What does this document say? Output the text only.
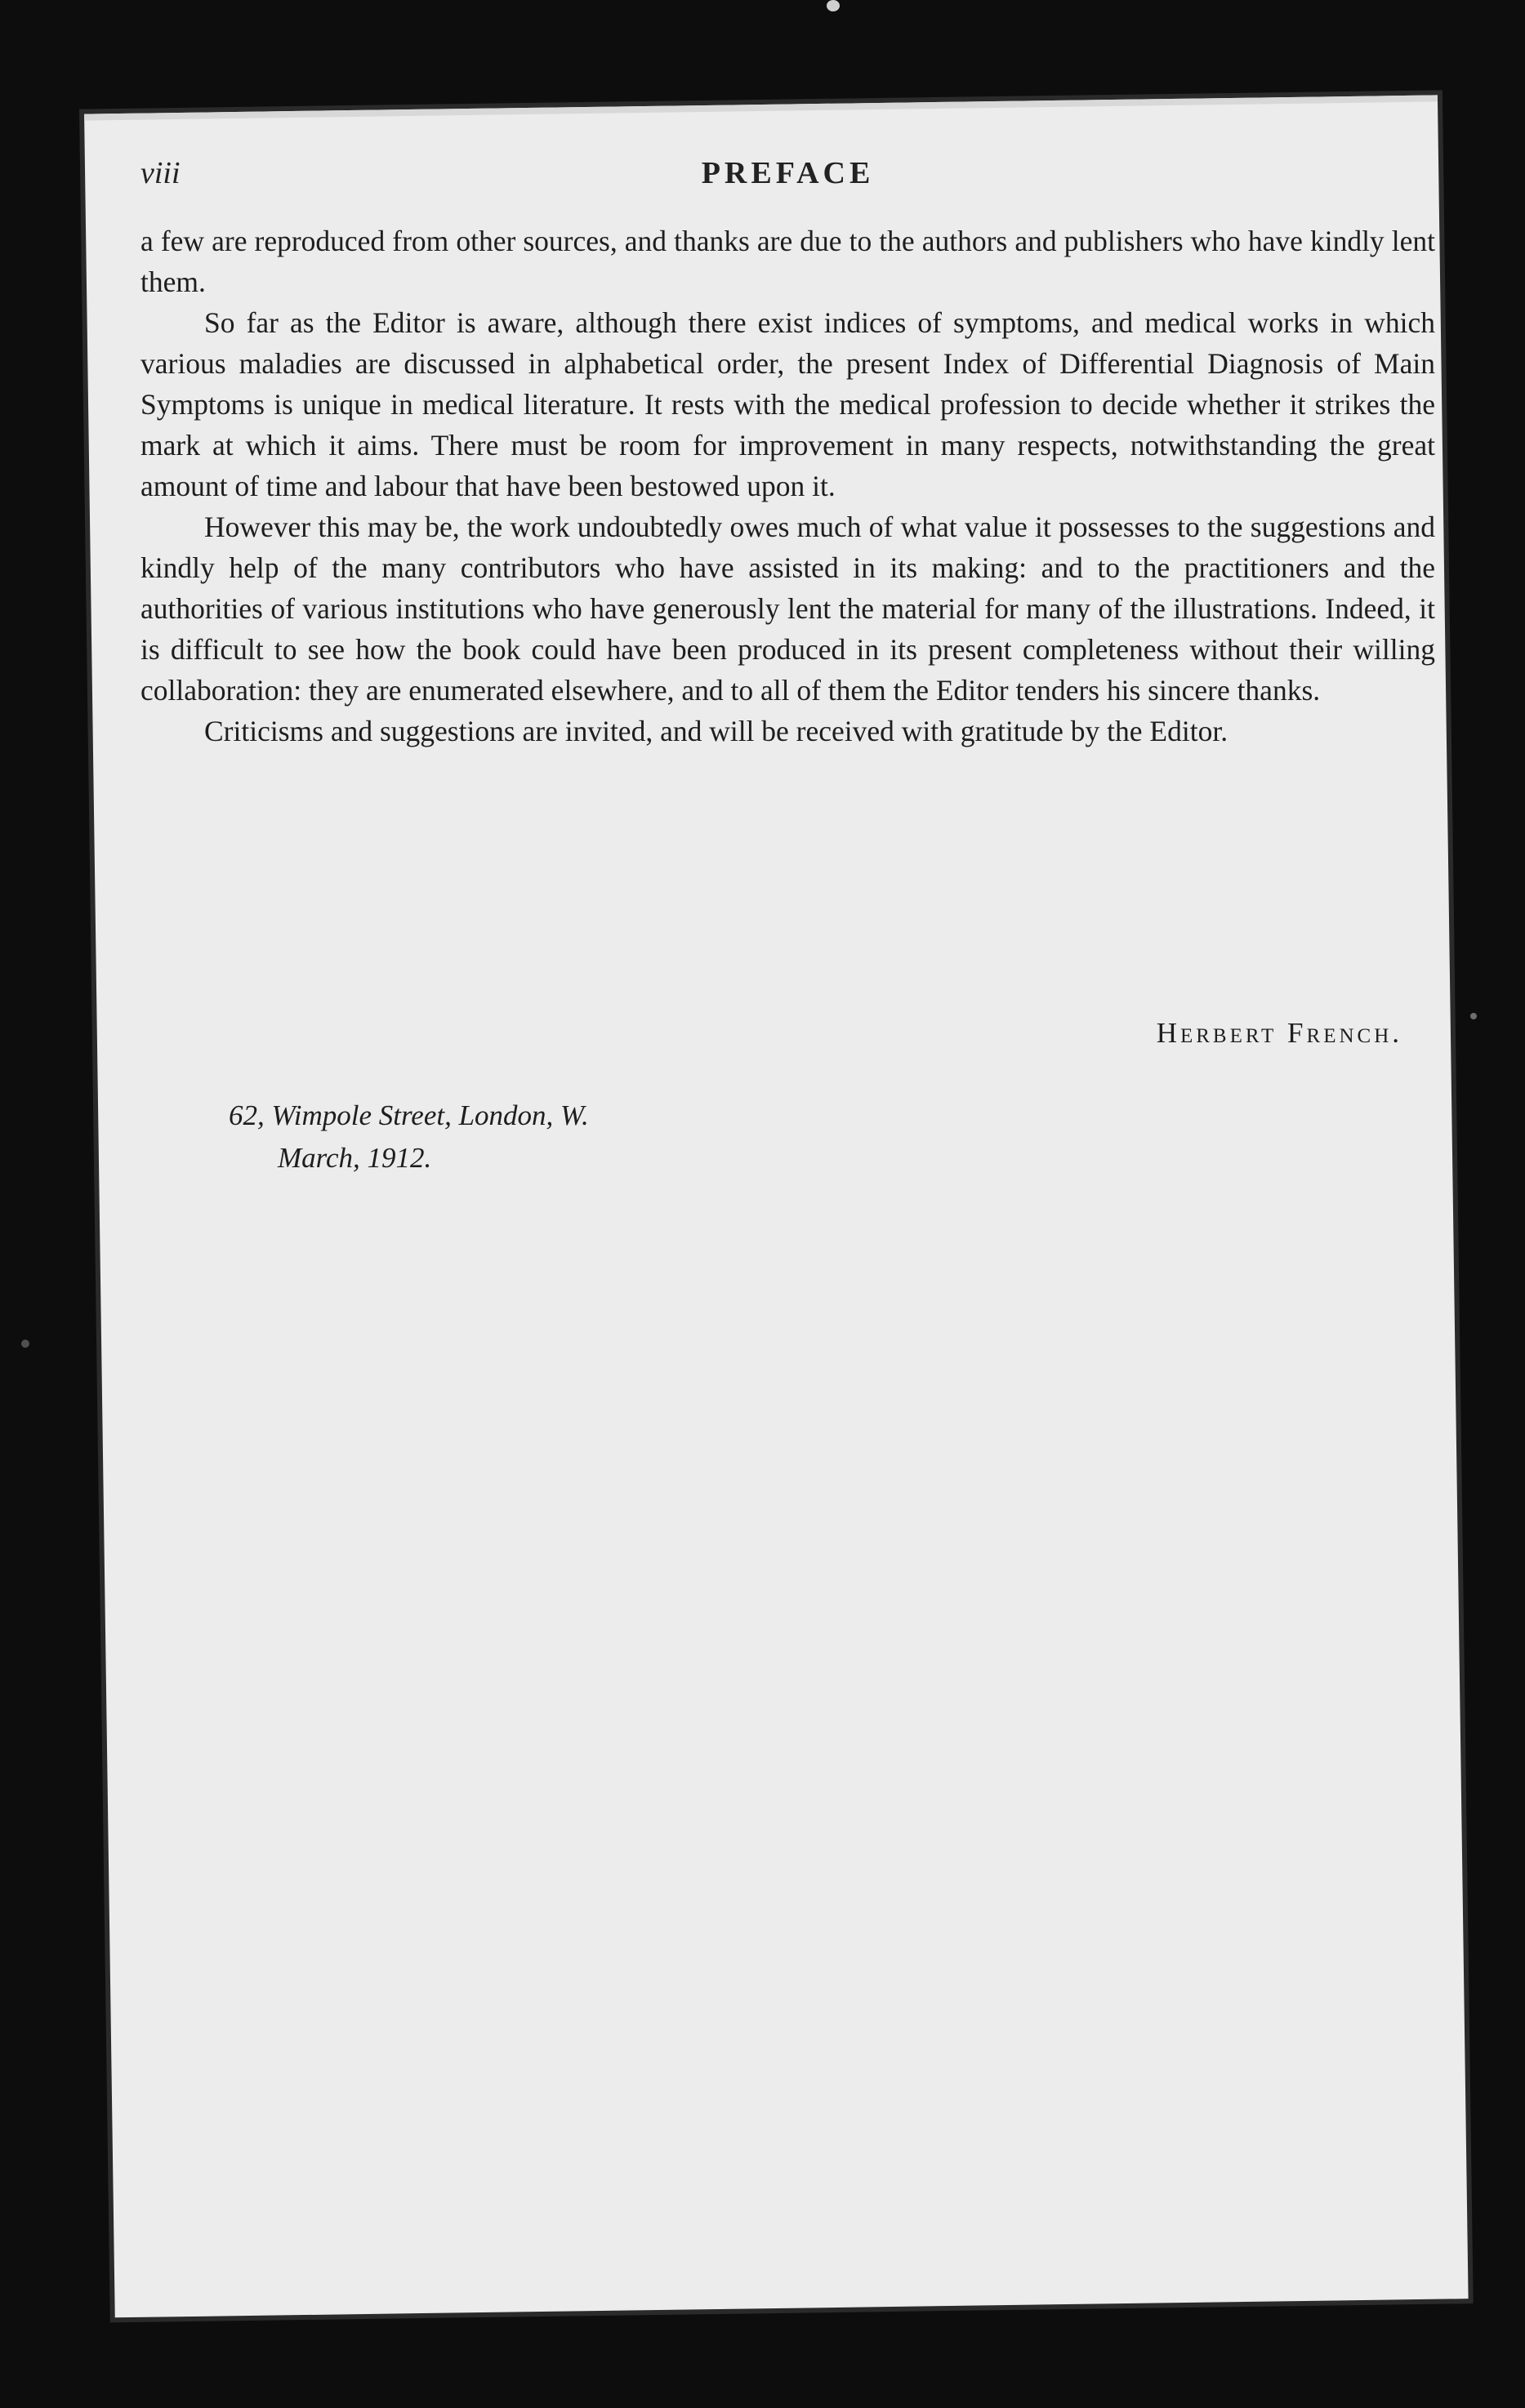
viii	PREFACE

a few are reproduced from other sources, and thanks are due to the authors and publishers who have kindly lent them.

So far as the Editor is aware, although there exist indices of symptoms, and medical works in which various maladies are discussed in alphabetical order, the present Index of Differential Diagnosis of Main Symptoms is unique in medical literature. It rests with the medical profession to decide whether it strikes the mark at which it aims. There must be room for improvement in many respects, notwithstanding the great amount of time and labour that have been bestowed upon it.

However this may be, the work undoubtedly owes much of what value it possesses to the suggestions and kindly help of the many contributors who have assisted in its making: and to the practitioners and the authorities of various institutions who have generously lent the material for many of the illustrations. Indeed, it is difficult to see how the book could have been produced in its present completeness without their willing collaboration: they are enumerated elsewhere, and to all of them the Editor tenders his sincere thanks.

Criticisms and suggestions are invited, and will be received with gratitude by the Editor.

Herbert French.
62, Wimpole Street, London, W.
March, 1912.
